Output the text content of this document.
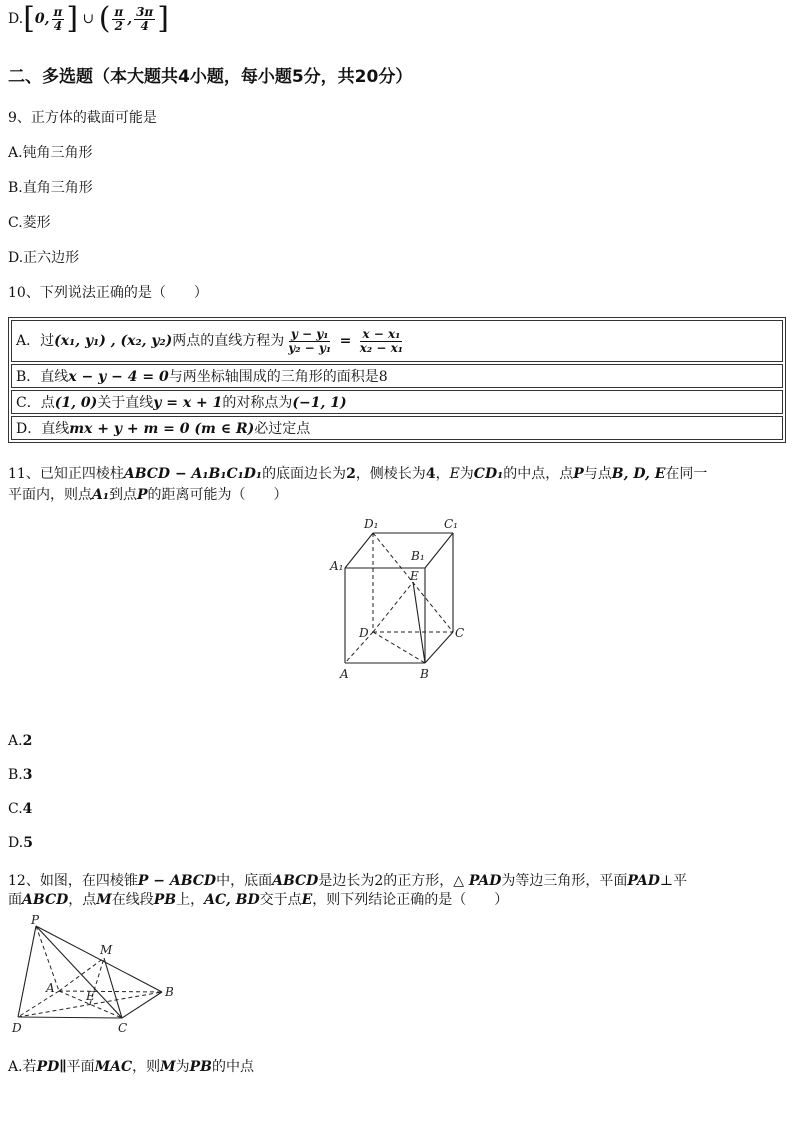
D.[0, $\frac{\pi}{4}$ ] ∪ ( $\frac{\pi}{2}$ , $\frac{3\pi}{4}$ ]
二、多选题（本大题共4小题，每小题5分，共20分）
9、正方体的截面可能是
A.钝角三角形
B.直角三角形
C.菱形
D.正六边形
10、下列说法正确的是（　　）
A．过(x₁, y₁) , (x₂, y₂)两点的直线方程为 $\frac{\text{y − y₁}}{\text{y₂ − y₁}} = \frac{\text{x − x₁}}{\text{x₂ − x₁}}$

B．直线x − y − 4 = 0与两坐标轴围成的三角形的面积是8
C．点(1, 0)关于直线y = x + 1的对称点为(−1, 1)
D．直线mx + y + m = 0 (m ∈ R)必过定点
11、已知正四棱柱ABCD − A₁B₁C₁D₁的底面边长为2，侧棱长为4，E为CD₁的中点，点P与点B, D, E在同一
平面内，则点A₁到点P的距离可能为（　　）
D₁	C₁
B₁
A₁
E
D	C
A	B
A.2
B.3
C.4
D.5
12、如图，在四棱锥P − ABCD中，底面ABCD是边长为2的正方形，△ PAD为等边三角形，平面PAD⊥平
面ABCD，点M在线段PB上，AC, BD交于点E，则下列结论正确的是（　　）
P
M
A
E	B
D	C
A.若PD∥平面MAC，则M为PB的中点
